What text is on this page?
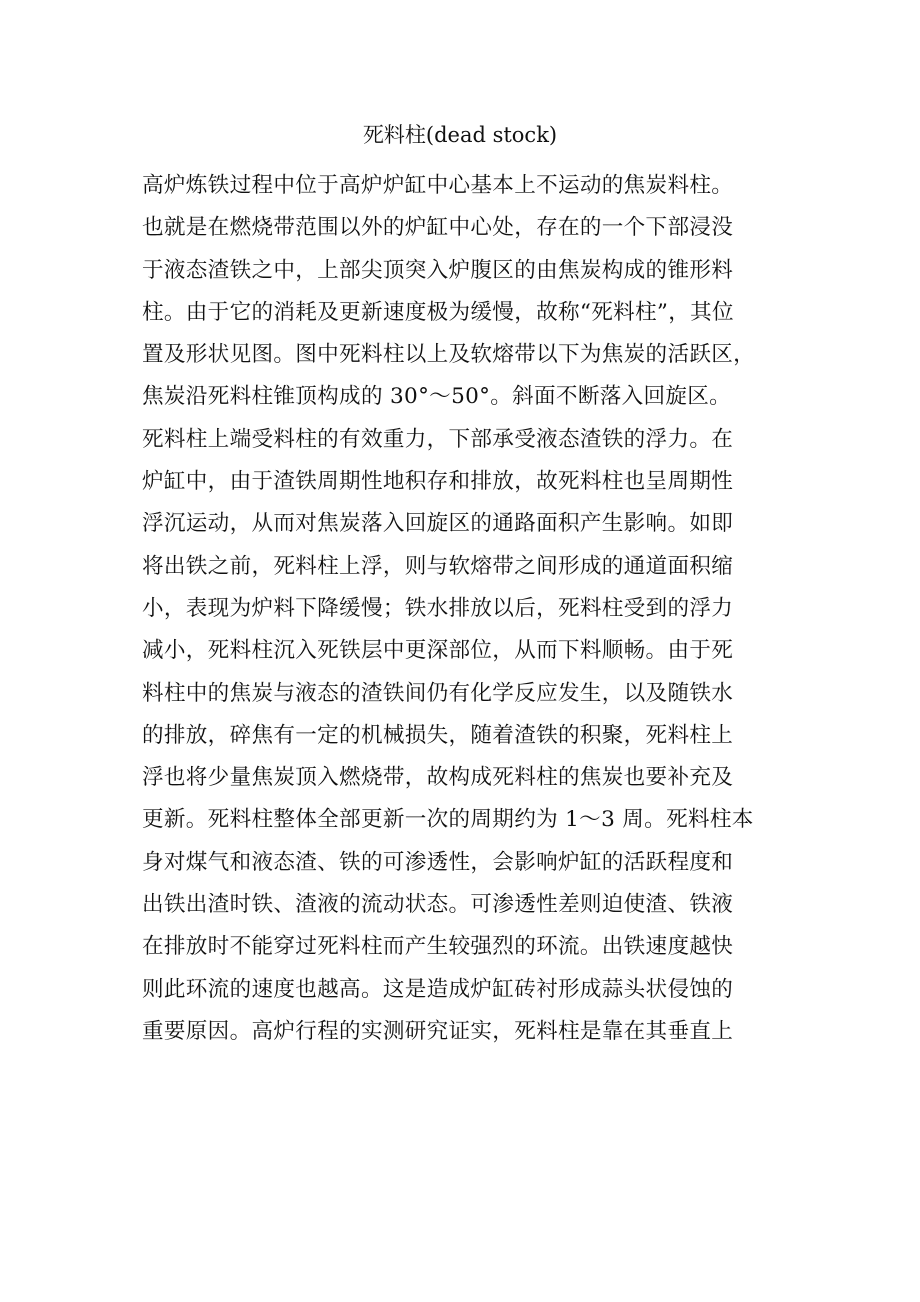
死料柱(dead stock)
高炉炼铁过程中位于高炉炉缸中心基本上不运动的焦炭料柱。
也就是在燃烧带范围以外的炉缸中心处，存在的一个下部浸没
于液态渣铁之中，上部尖顶突入炉腹区的由焦炭构成的锥形料
柱。由于它的消耗及更新速度极为缓慢，故称“死料柱”，其位
置及形状见图。图中死料柱以上及软熔带以下为焦炭的活跃区，
焦炭沿死料柱锥顶构成的 30°～50°。斜面不断落入回旋区。
死料柱上端受料柱的有效重力，下部承受液态渣铁的浮力。在
炉缸中，由于渣铁周期性地积存和排放，故死料柱也呈周期性
浮沉运动，从而对焦炭落入回旋区的通路面积产生影响。如即
将出铁之前，死料柱上浮，则与软熔带之间形成的通道面积缩
小，表现为炉料下降缓慢；铁水排放以后，死料柱受到的浮力
减小，死料柱沉入死铁层中更深部位，从而下料顺畅。由于死
料柱中的焦炭与液态的渣铁间仍有化学反应发生，以及随铁水
的排放，碎焦有一定的机械损失，随着渣铁的积聚，死料柱上
浮也将少量焦炭顶入燃烧带，故构成死料柱的焦炭也要补充及
更新。死料柱整体全部更新一次的周期约为 1～3 周。死料柱本
身对煤气和液态渣、铁的可渗透性，会影响炉缸的活跃程度和
出铁出渣时铁、渣液的流动状态。可渗透性差则迫使渣、铁液
在排放时不能穿过死料柱而产生较强烈的环流。出铁速度越快
则此环流的速度也越高。这是造成炉缸砖衬形成蒜头状侵蚀的
重要原因。高炉行程的实测研究证实，死料柱是靠在其垂直上
